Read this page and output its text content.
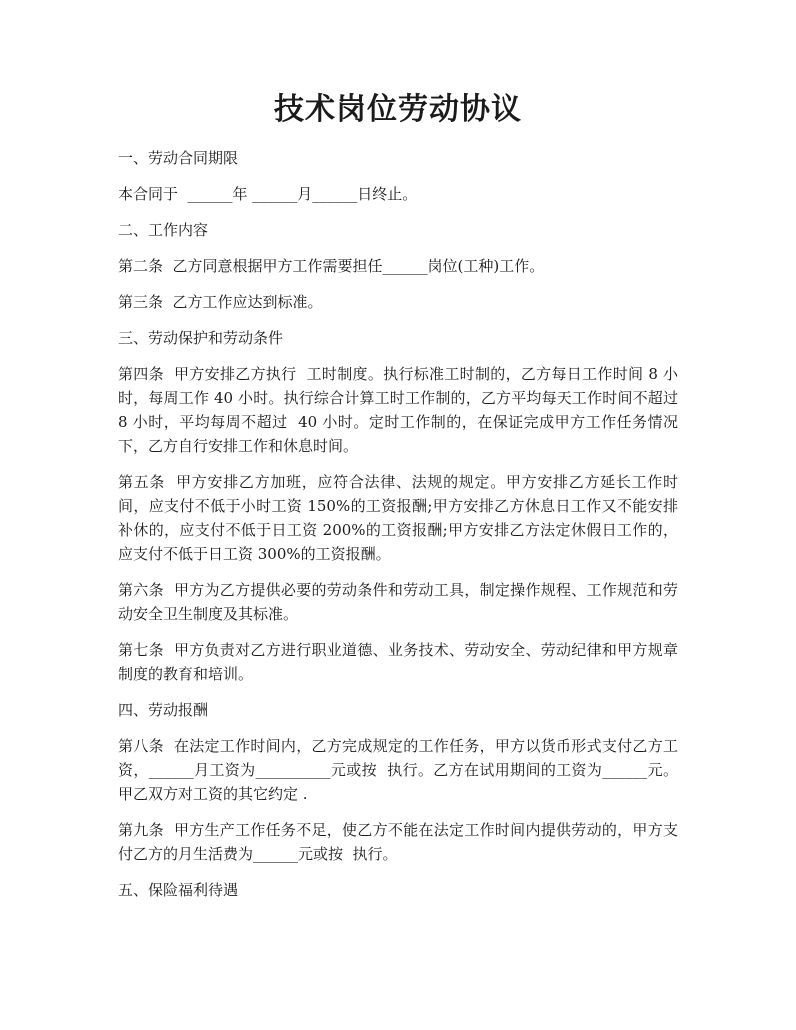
技术岗位劳动协议
一、劳动合同期限
本合同于  ______年 ______月______日终止。
二、工作内容
第二条  乙方同意根据甲方工作需要担任______岗位(工种)工作。
第三条  乙方工作应达到标准。
三、劳动保护和劳动条件
第四条  甲方安排乙方执行  工时制度。执行标准工时制的，乙方每日工作时间 8 小时，每周工作 40 小时。执行综合计算工时工作制的，乙方平均每天工作时间不超过 8 小时，平均每周不超过  40 小时。定时工作制的，在保证完成甲方工作任务情况下，乙方自行安排工作和休息时间。
第五条  甲方安排乙方加班，应符合法律、法规的规定。甲方安排乙方延长工作时间，应支付不低于小时工资 150%的工资报酬;甲方安排乙方休息日工作又不能安排补休的，应支付不低于日工资 200%的工资报酬;甲方安排乙方法定休假日工作的，应支付不低于日工资 300%的工资报酬。
第六条  甲方为乙方提供必要的劳动条件和劳动工具，制定操作规程、工作规范和劳动安全卫生制度及其标准。
第七条  甲方负责对乙方进行职业道德、业务技术、劳动安全、劳动纪律和甲方规章制度的教育和培训。
四、劳动报酬
第八条  在法定工作时间内，乙方完成规定的工作任务，甲方以货币形式支付乙方工资，______月工资为__________元或按  执行。乙方在试用期间的工资为______元。甲乙双方对工资的其它约定 .
第九条  甲方生产工作任务不足，使乙方不能在法定工作时间内提供劳动的，甲方支付乙方的月生活费为______元或按  执行。
五、保险福利待遇
